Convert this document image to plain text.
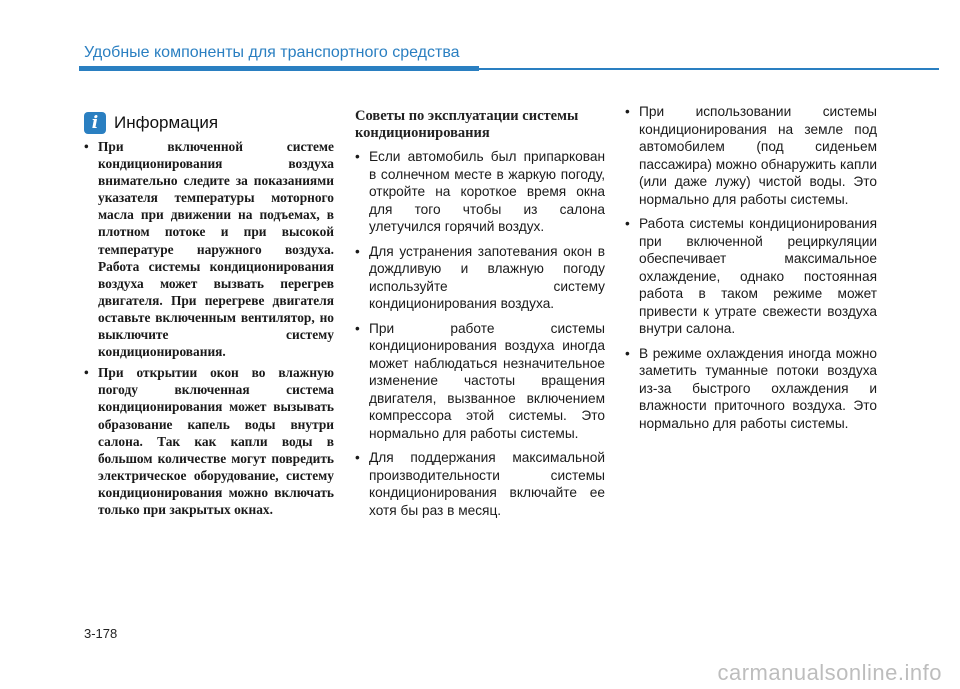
Удобные компоненты для транспортного средства
i Информация
• При включенной системе кондиционирования воздуха внимательно следите за показаниями указателя температуры моторного масла при движении на подъемах, в плотном потоке и при высокой температуре наружного воздуха. Работа системы кондиционирования воздуха может вызвать перегрев двигателя. При перегреве двигателя оставьте включенным вентилятор, но выключите систему кондиционирования.
• При открытии окон во влажную погоду включенная система кондиционирования может вызывать образование капель воды внутри салона. Так как капли воды в большом количестве могут повредить электрическое оборудование, систему кондиционирования можно включать только при закрытых окнах.
Советы по эксплуатации системы кондиционирования
• Если автомобиль был припаркован в солнечном месте в жаркую погоду, откройте на короткое время окна для того чтобы из салона улетучился горячий воздух.
• Для устранения запотевания окон в дождливую и влажную погоду используйте систему кондиционирования воздуха.
• При работе системы кондиционирования воздуха иногда может наблюдаться незначительное изменение частоты вращения двигателя, вызванное включением компрессора этой системы. Это нормально для работы системы.
• Для поддержания максимальной производительности системы кондиционирования включайте ее хотя бы раз в месяц.
• При использовании системы кондиционирования на земле под автомобилем (под сиденьем пассажира) можно обнаружить капли (или даже лужу) чистой воды. Это нормально для работы системы.
• Работа системы кондиционирования при включенной рециркуляции обеспечивает максимальное охлаждение, однако постоянная работа в таком режиме может привести к утрате свежести воздуха внутри салона.
• В режиме охлаждения иногда можно заметить туманные потоки воздуха из-за быстрого охлаждения и влажности приточного воздуха. Это нормально для работы системы.
3-178
carmanualsonline.info
